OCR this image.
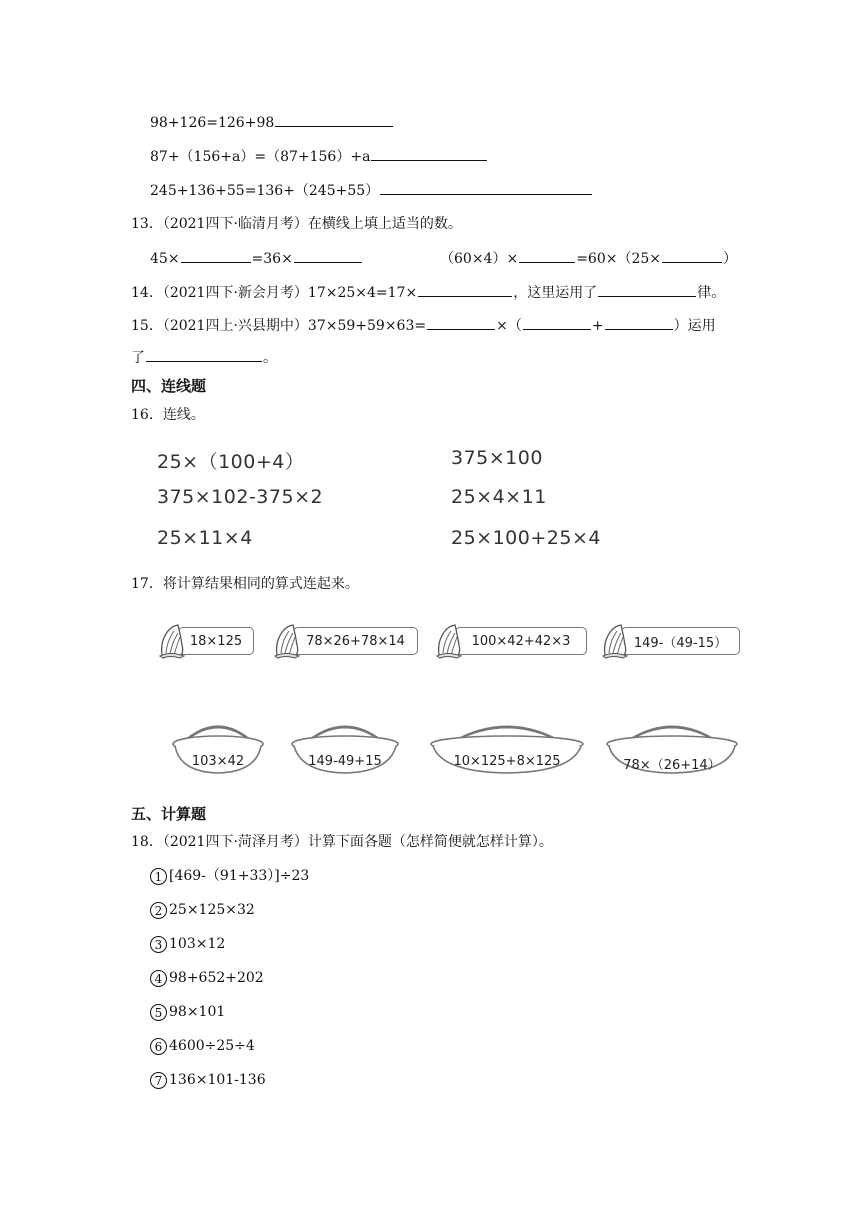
98+126=126+98
87+（156+a）=（87+156）+a
245+136+55=136+（245+55）
13．（2021四下·临清月考）在横线上填上适当的数。
45×	=36×	（60×4）×	=60×（25×	）
14．（2021四下·新会月考）17×25×4=17×	，这里运用了	律。
15．（2021四上·兴县期中）37×59+59×63=	×（	+	）运用
了	。
四、连线题
16．连线。
25×（100+4）
375×102-375×2
25×11×4
375×100
25×4×11
25×100+25×4
17．将计算结果相同的算式连起来。
18×125	78×26+78×14	100×42+42×3	149-（49-15）
103×42	149-49+15	10×125+8×125	78×（26+14）
五、计算题
18．（2021四下·菏泽月考）计算下面各题（怎样简便就怎样计算）。
1 [469-（91+33）]÷23
2 25×125×32
3 103×12
4 98+652+202
5 98×101
6 4600÷25÷4
7 136×101-136
